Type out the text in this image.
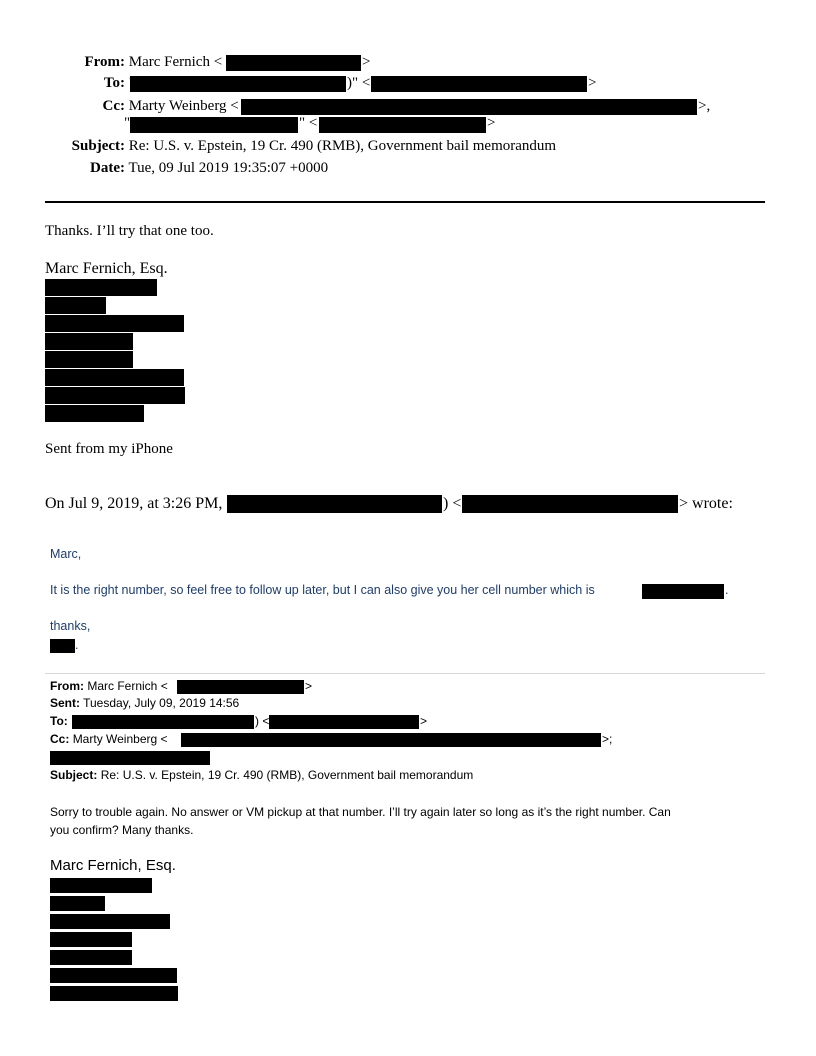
From: Marc Fernich <	>
To:	)" <	>
Cc: Marty Weinberg <	>,
"	" <	>
Subject: Re: U.S. v. Epstein, 19 Cr. 490 (RMB), Government bail memorandum
Date: Tue, 09 Jul 2019 19:35:07 +0000
Thanks. I’ll try that one too.
Marc Fernich, Esq.
Sent from my iPhone
On Jul 9, 2019, at 3:26 PM,	) <	> wrote:
Marc,
It is the right number, so feel free to follow up later, but I can also give you her cell number which is	.
thanks,
.
From: Marc Fernich <	>
Sent: Tuesday, July 09, 2019 14:56
To:	) <	>
Cc: Marty Weinberg <	>;
Subject: Re: U.S. v. Epstein, 19 Cr. 490 (RMB), Government bail memorandum
Sorry to trouble again. No answer or VM pickup at that number. I’ll try again later so long as it’s the right number. Can
you confirm? Many thanks.
Marc Fernich, Esq.
